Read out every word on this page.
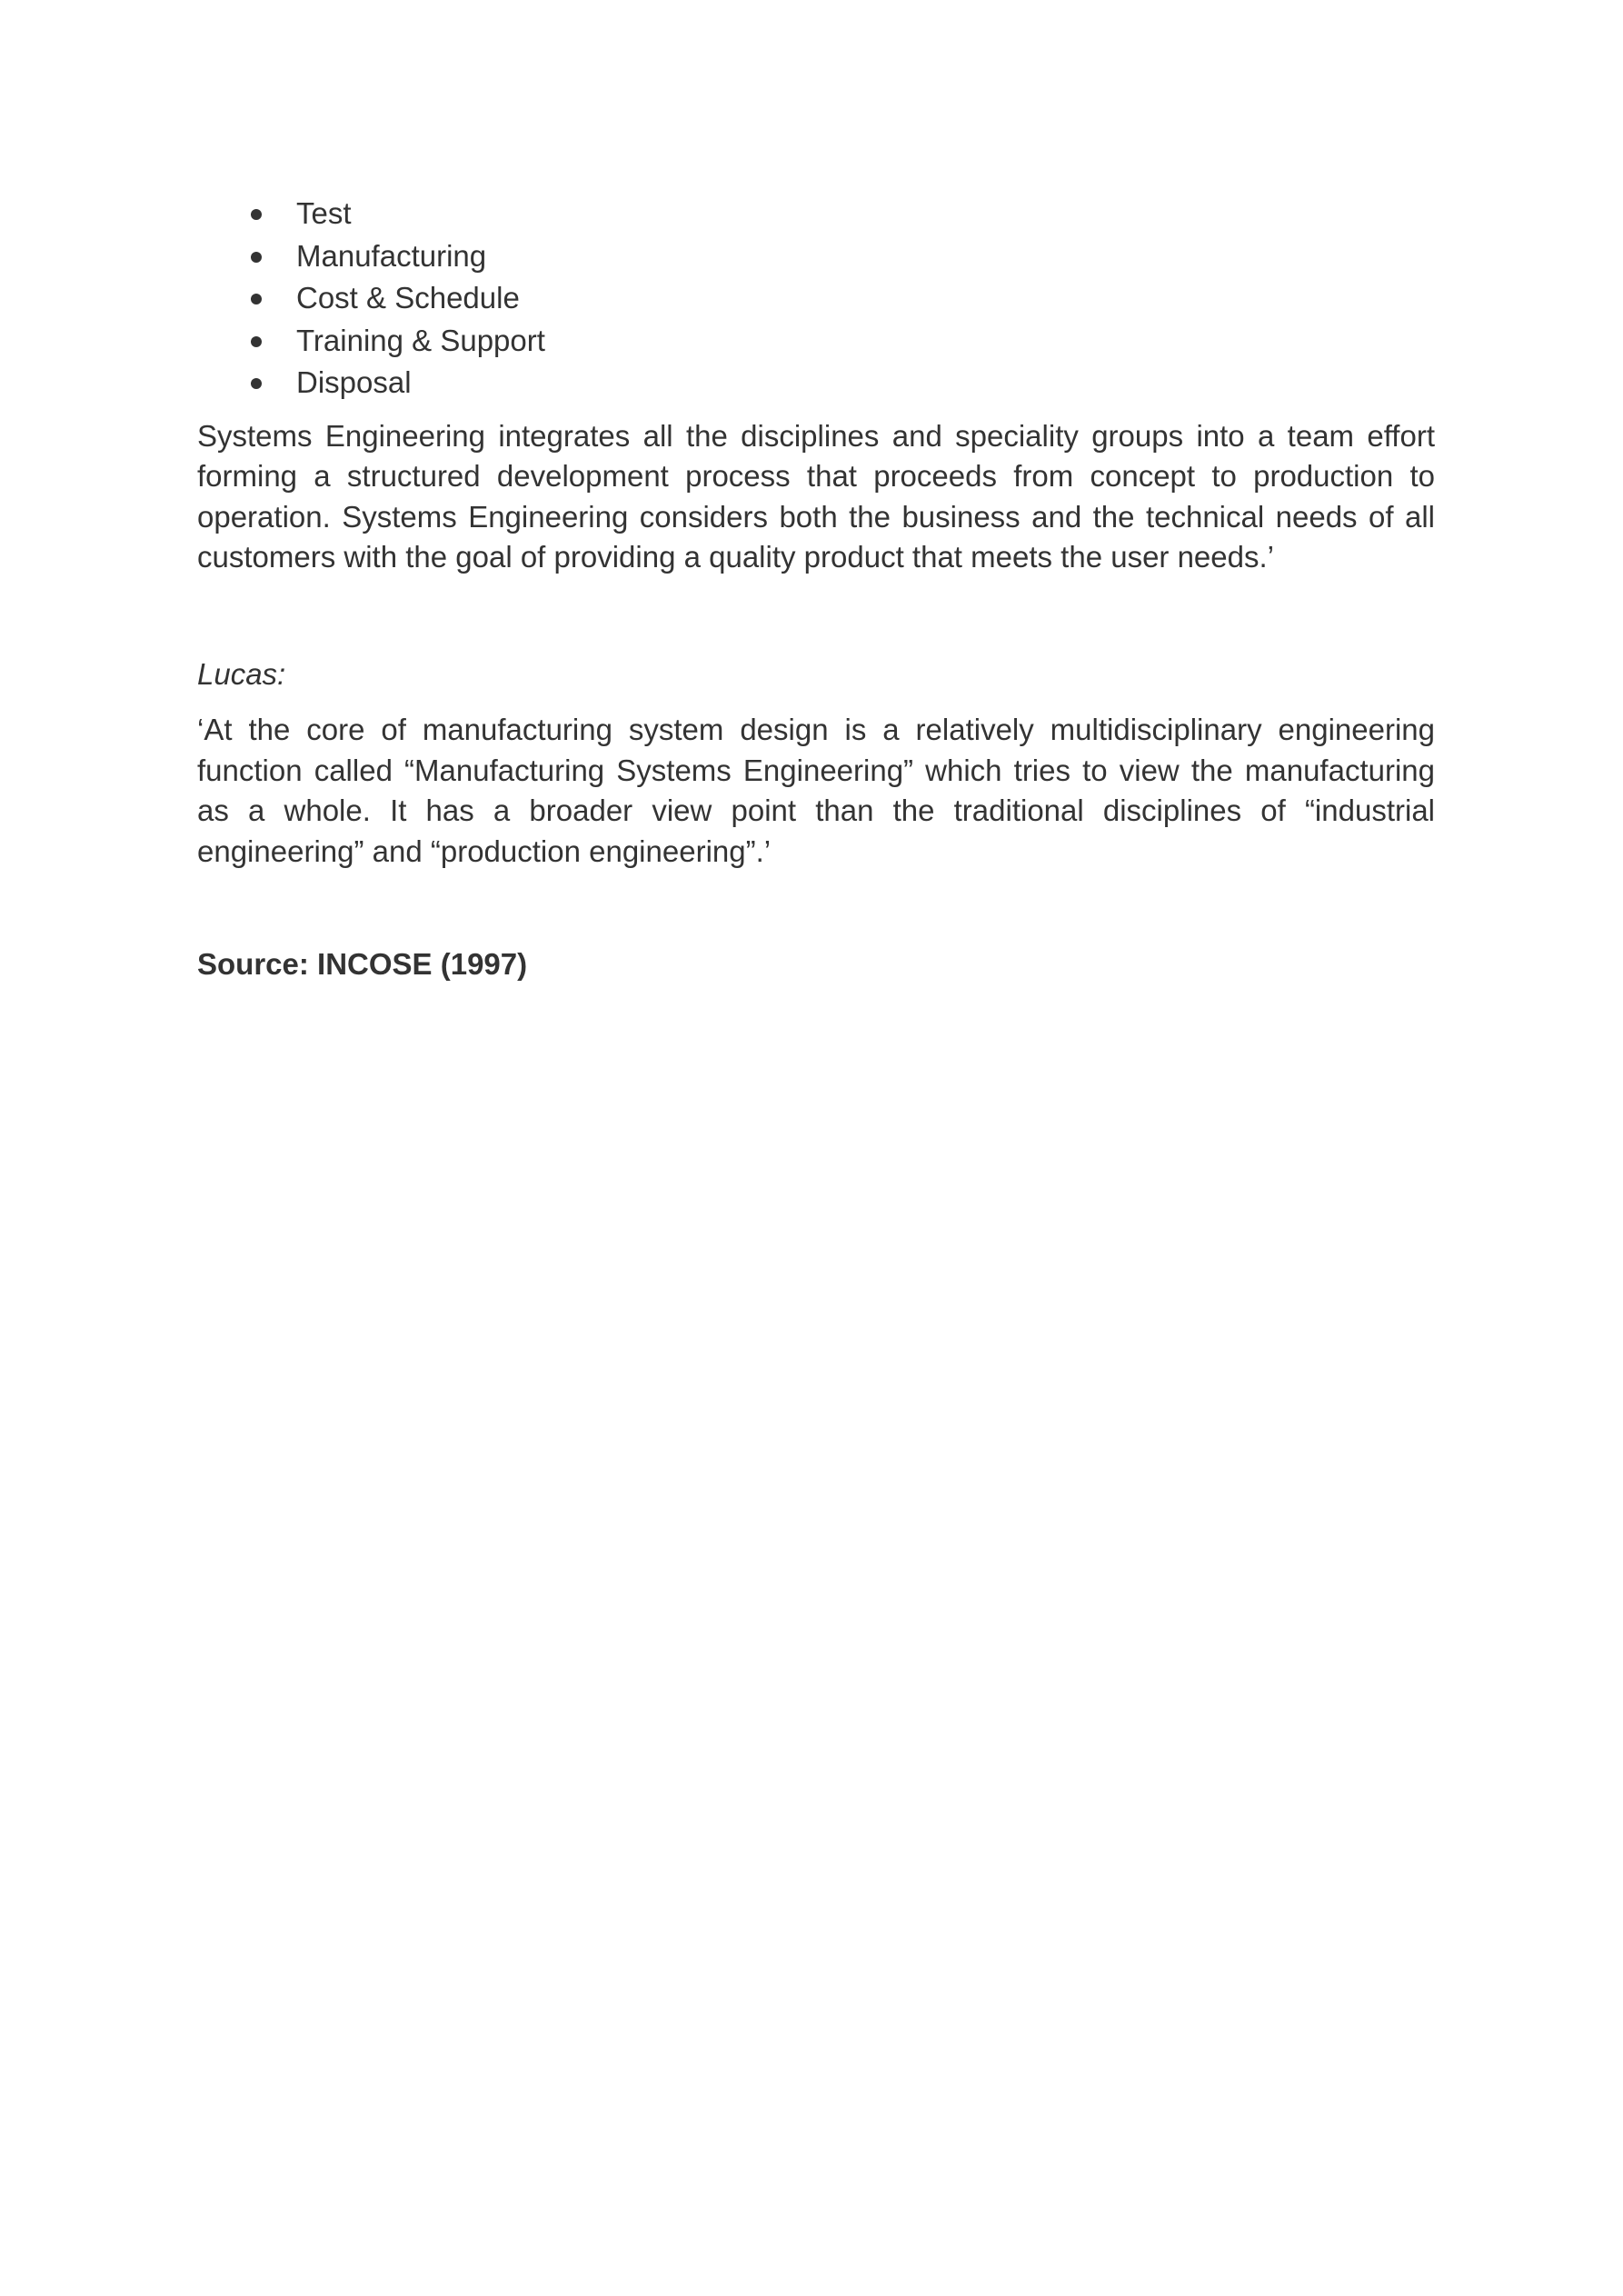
Test
Manufacturing
Cost & Schedule
Training & Support
Disposal

Systems Engineering integrates all the disciplines and speciality groups into a team effort forming a structured development process that proceeds from concept to production to operation. Systems Engineering considers both the business and the technical needs of all customers with the goal of providing a quality product that meets the user needs.’

Lucas:

‘At the core of manufacturing system design is a relatively multidisciplinary engineering function called “Manufacturing Systems Engineering” which tries to view the manufacturing as a whole. It has a broader view point than the traditional disciplines of “industrial engineering” and “production engineering”.’

Source: INCOSE (1997)
